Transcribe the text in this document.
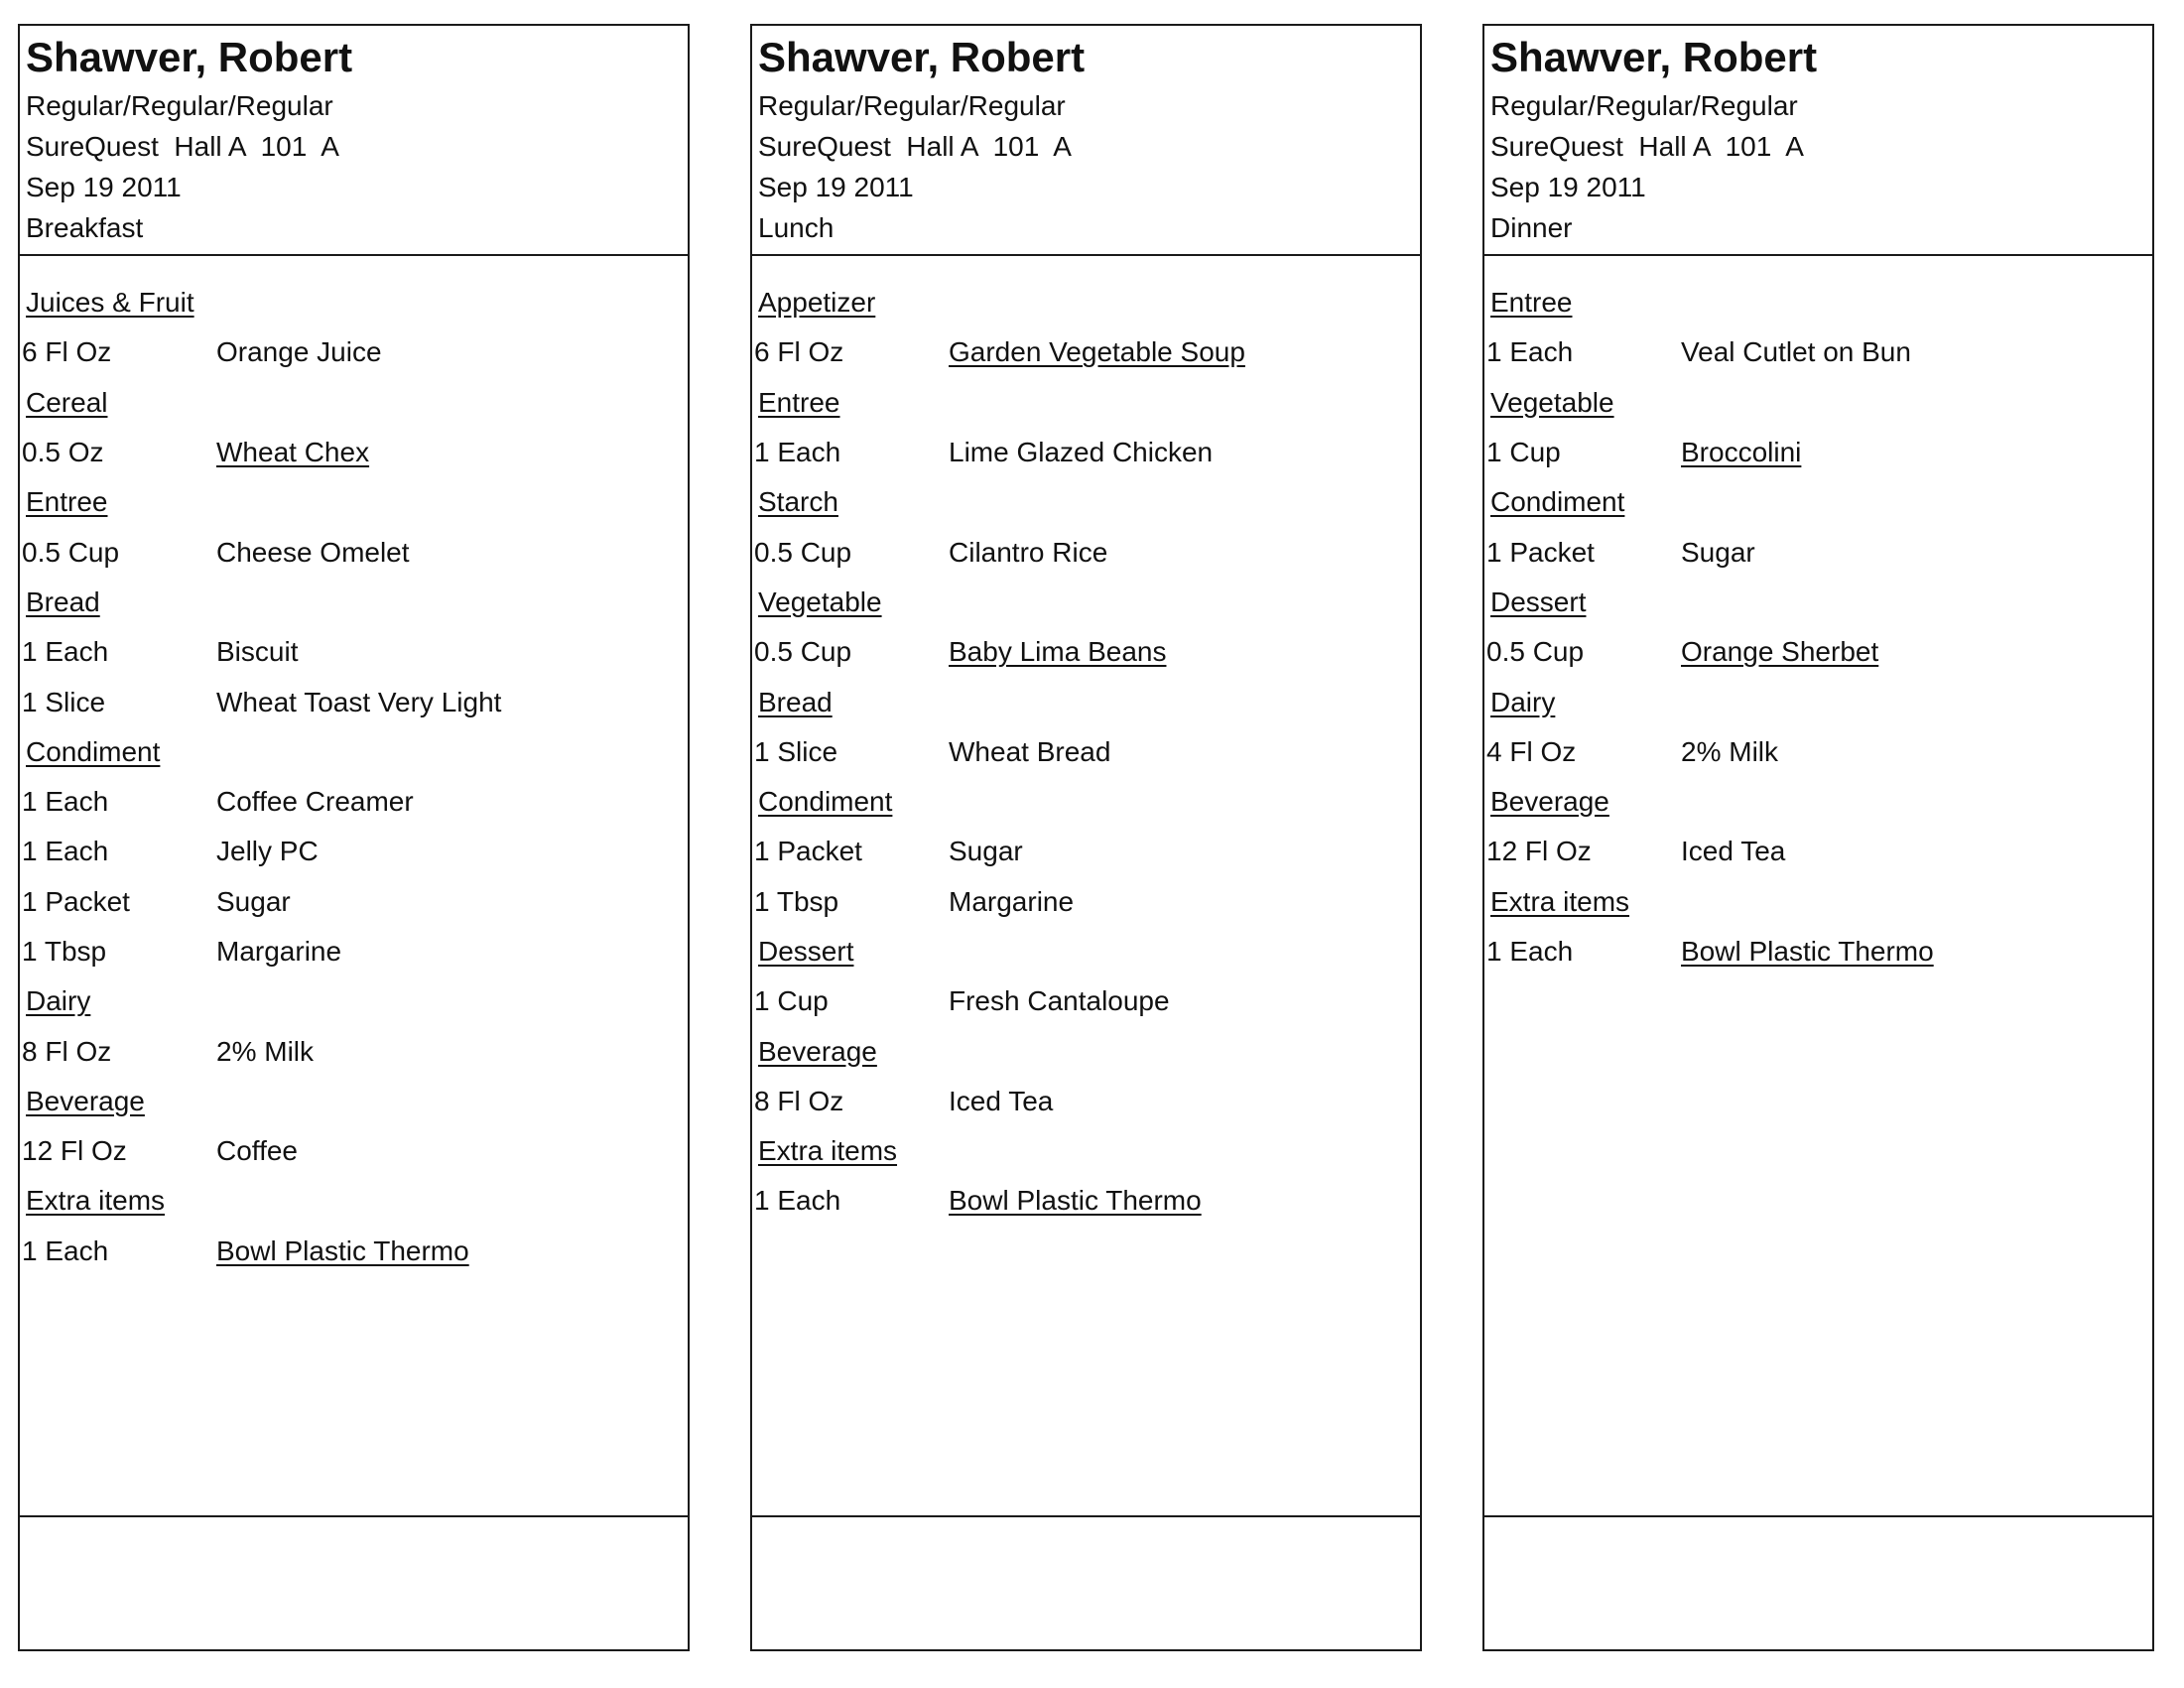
Shawver, Robert
Regular/Regular/Regular
SureQuest  Hall A  101  A
Sep 19 2011
Breakfast
Juices & Fruit
6 Fl Oz	Orange Juice
Cereal
0.5 Oz	Wheat Chex
Entree
0.5 Cup	Cheese Omelet
Bread
1 Each	Biscuit
1 Slice	Wheat Toast Very Light
Condiment
1 Each	Coffee Creamer
1 Each	Jelly PC
1 Packet	Sugar
1 Tbsp	Margarine
Dairy
8 Fl Oz	2% Milk
Beverage
12 Fl Oz	Coffee
Extra items
1 Each	Bowl Plastic Thermo
Shawver, Robert
Regular/Regular/Regular
SureQuest  Hall A  101  A
Sep 19 2011
Lunch
Appetizer
6 Fl Oz	Garden Vegetable Soup
Entree
1 Each	Lime Glazed Chicken
Starch
0.5 Cup	Cilantro Rice
Vegetable
0.5 Cup	Baby Lima Beans
Bread
1 Slice	Wheat Bread
Condiment
1 Packet	Sugar
1 Tbsp	Margarine
Dessert
1 Cup	Fresh Cantaloupe
Beverage
8 Fl Oz	Iced Tea
Extra items
1 Each	Bowl Plastic Thermo
Shawver, Robert
Regular/Regular/Regular
SureQuest  Hall A  101  A
Sep 19 2011
Dinner
Entree
1 Each	Veal Cutlet on Bun
Vegetable
1 Cup	Broccolini
Condiment
1 Packet	Sugar
Dessert
0.5 Cup	Orange Sherbet
Dairy
4 Fl Oz	2% Milk
Beverage
12 Fl Oz	Iced Tea
Extra items
1 Each	Bowl Plastic Thermo
